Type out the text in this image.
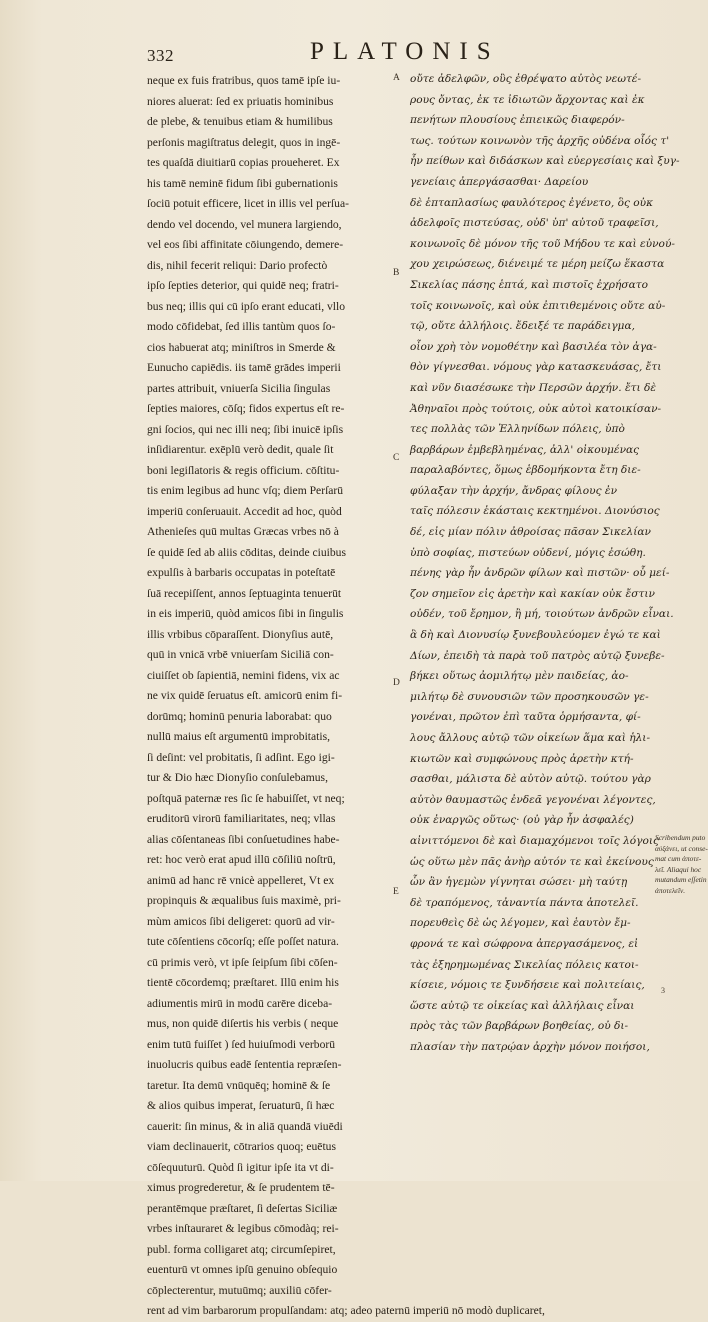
332	PLATONIS
neque ex fuis fratribus, quos tamē ipſe iu-
niores aluerat: ſed ex priuatis hominibus
de plebe, & tenuibus etiam & humilibus
perſonis magiſtratus delegit, quos in ingē-
tes quaſdā diuitiarū copias proueheret. Ex
his tamē neminē fidum ſibi gubernationis
ſociū potuit efficere, licet in illis vel perſua-
dendo vel docendo, vel munera largiendo,
vel eos ſibi affinitate cōiungendo, demere-
dis, nihil fecerit reliqui: Dario profectò
ipſo ſepties deterior, qui quidē neq; fratri-
bus neq; illis qui cū ipſo erant educati, vllo
modo cōfidebat, ſed illis tantùm quos ſo-
cios habuerat atq; miniſtros in Smerde &
Eunucho capiēdis. iis tamē grādes imperii
partes attribuit, vniuerſa Sicilia ſingulas
ſepties maiores, cōſq; fidos expertus eſt re-
gni ſocios, qui nec illi neq; ſibi inuicē ipſis
inſidiarentur. exēplū verò dedit, quale ſit
boni legiſlatoris & regis officium. cōſtitu-
tis enim legibus ad hunc vſq; diem Perſarū
imperiū conſeruauit. Accedit ad hoc, quòd
Athenieſes quū multas Græcas vrbes nō à
ſe quidē ſed ab aliis cōditas, deinde ciuibus
expulſis à barbaris occupatas in poteſtatē
ſuā recepiſſent, annos ſeptuaginta tenuerūt
in eis imperiū, quòd amicos ſibi in ſingulis
illis vrbibus cōparaſſent. Dionyſius autē,
quū in vnicā vrbē vniuerſam Siciliā con-
ciuiſſet ob ſapientiā, nemini fidens, vix ac
ne vix quidē ſeruatus eſt. amicorū enim fi-
dorūmq; hominū penuria laborabat: quo
nullū maius eſt argumentū improbitatis,
ſi deſint: vel probitatis, ſi adſint. Ego igi-
tur & Dio hæc Dionyſio conſulebamus,
poſtquā paternæ res ſic ſe habuiſſet, vt neq;
eruditorū virorū familiaritates, neq; vllas
alias cōſentaneas ſibi conſuetudines habe-
ret: hoc verò erat apud illū cōſiliū noſtrū,
animū ad hanc rē vnicè appelleret, Vt ex
propinquis & æqualibus ſuis maximè, pri-
mùm amicos ſibi deligeret: quorū ad vir-
tute cōſentiens cōcorſq; eſſe poſſet natura.
cū primis verò, vt ipſe ſeipſum ſibi cōſen-
tientē cōcordemq; præſtaret. Illū enim his
adiumentis mirū in modū carēre diceba-
mus, non quidē diſertis his verbis ( neque
enim tutū fuiſſet ) ſed huiuſmodi verborū
inuolucris quibus eadē ſententia repræſen-
taretur. Ita demū vnūquēq; hominē & ſe
& alios quibus imperat, ſeruaturū, ſi hæc
cauerit: ſin minus, & in aliā quandā viuēdi
viam declinauerit, cōtrarios quoq; euētus
cōſequuturū. Quòd ſi igitur ipſe ita vt di-
ximus progrederetur, & ſe prudentem tē-
perantēmque præſtaret, ſi deſertas Siciliæ
vrbes inſtauraret & legibus cōmodàq; rei-
publ. forma colligaret atq; circumſepiret,
euenturū vt omnes ipſū genuino obſequio
cōplecterentur, mutuūmq; auxiliū cōfer-
rent ad vim barbarorum propulſandam: atq; adeo paternū imperiū nō modò duplicaret,
οὔτε ἀδελφῶν, οὓς ἐθρέψατο αὐτὸς νεωτέ-
ρους ὄντας, ἐκ τε ἰδιωτῶν ἄρχοντας καὶ ἐκ
πενήτων πλουσίους ἐπιεικῶς διαφερόν-
τως. τούτων κοινωνὸν τῆς ἀρχῆς οὐδένα οἷός τ'
ἦν πείθων καὶ διδάσκων καὶ εὐεργεσίαις καὶ ξυγ-
γενείαις ἀπεργάσασθαι· Δαρείου
δὲ ἑπταπλασίως φαυλότερος ἐγένετο, ὃς οὐκ
ἀδελφοῖς πιστεύσας, οὐδ' ὑπ' αὐτοῦ τραφεῖσι,
κοινωνοῖς δὲ μόνον τῆς τοῦ Μήδου τε καὶ εὐνού-
χου χειρώσεως, διένειμέ τε μέρη μείζω ἕκαστα
Σικελίας πάσης ἑπτά, καὶ πιστοῖς ἐχρήσατο
τοῖς κοινωνοῖς, καὶ οὐκ ἐπιτιθεμένοις οὔτε αὐ-
τῷ, οὔτε ἀλλήλοις. ἔδειξέ τε παράδειγμα,
οἷον χρὴ τὸν νομοθέτην καὶ βασιλέα τὸν ἀγα-
θὸν γίγνεσθαι. νόμους γὰρ κατασκευάσας, ἔτι
καὶ νῦν διασέσωκε τὴν Περσῶν ἀρχήν. ἔτι δὲ
Ἀθηναῖοι πρὸς τούτοις, οὐκ αὐτοὶ κατοικίσαν-
τες πολλὰς τῶν Ἑλληνίδων πόλεις, ὑπὸ
βαρβάρων ἐμβεβλημένας, ἀλλ' οἰκουμένας
παραλαβόντες, ὅμως ἑβδομήκοντα ἔτη διε-
φύλαξαν τὴν ἀρχήν, ἄνδρας φίλους ἐν
ταῖς πόλεσιν ἑκάσταις κεκτημένοι. Διονύσιος
δέ, εἰς μίαν πόλιν ἀθροίσας πᾶσαν Σικελίαν
ὑπὸ σοφίας, πιστεύων οὐδενί, μόγις ἐσώθη.
πένης γὰρ ἦν ἀνδρῶν φίλων καὶ πιστῶν· οὗ μεί-
ζον σημεῖον εἰς ἀρετὴν καὶ κακίαν οὐκ ἔστιν
οὐδέν, τοῦ ἔρημον, ἢ μή, τοιούτων ἀνδρῶν εἶναι.
ἃ δὴ καὶ Διονυσίῳ ξυνεβουλεύομεν ἐγώ τε καὶ
Δίων, ἐπειδὴ τὰ παρὰ τοῦ πατρὸς αὐτῷ ξυνεβε-
βήκει οὕτως ἀομιλήτῳ μὲν παιδείας, ἀο-
μιλήτῳ δὲ συνουσιῶν τῶν προσηκουσῶν γε-
γονέναι, πρῶτον ἐπὶ ταῦτα ὁρμήσαντα, φί-
λους ἄλλους αὐτῷ τῶν οἰκείων ἅμα καὶ ἡλι-
κιωτῶν καὶ συμφώνους πρὸς ἀρετὴν κτή-
σασθαι, μάλιστα δὲ αὐτὸν αὐτῷ. τούτου γὰρ
αὐτὸν θαυμαστῶς ἐνδεᾶ γεγονέναι λέγοντες,
οὐκ ἐναργῶς οὕτως· (οὐ γὰρ ἦν ἀσφαλές)
αἰνιττόμενοι δὲ καὶ διαμαχόμενοι τοῖς λόγοις
ὡς οὕτω μὲν πᾶς ἀνὴρ αὐτόν τε καὶ ἐκείνους
ὧν ἂν ἡγεμὼν γίγνηται σώσει· μὴ ταύτῃ
δὲ τραπόμενος, τἀναντία πάντα ἀποτελεῖ.
πορευθεὶς δὲ ὡς λέγομεν, καὶ ἑαυτὸν ἔμ-
φρονά τε καὶ σώφρονα ἀπεργασάμενος, εἰ
τὰς ἐξηρημωμένας Σικελίας πόλεις κατοι-
κίσειε, νόμοις τε ξυνδήσειε καὶ πολιτείαις,
ὥστε αὐτῷ τε οἰκείας καὶ ἀλλήλαις εἶναι
πρὸς τὰς τῶν βαρβάρων βοηθείας, οὐ δι-
πλασίαν τὴν πατρῴαν ἀρχὴν μόνον ποιήσοι,
A
B
C
D
E
Scribendum puto
αὐξάνει, ut conse-
mat cum ἀποτε-
λεῖ. Aliaqui hoc
mutandum eſſetin
ἀποτελεῖν.
3
